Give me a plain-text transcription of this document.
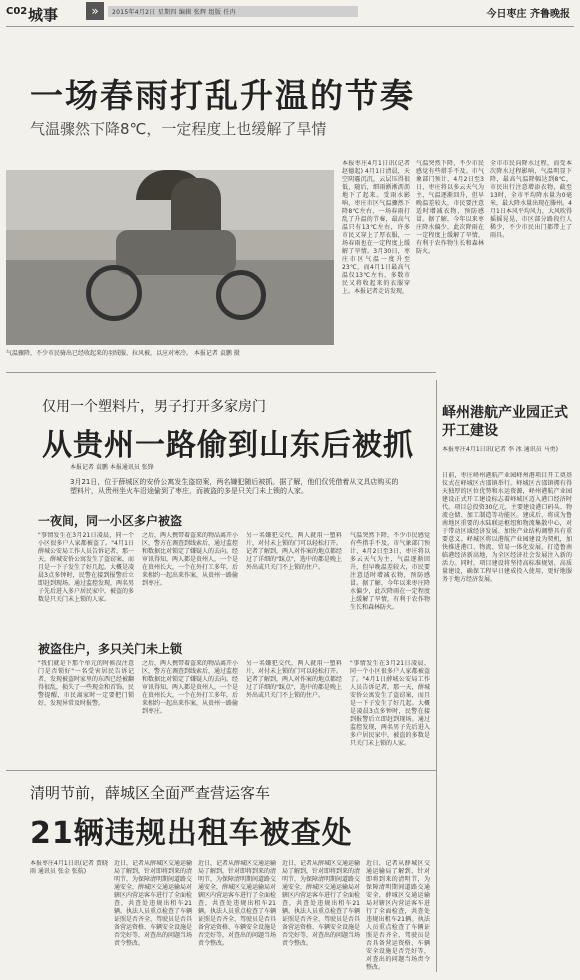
C02 城事	»	2015年4月2日 星期四 编辑 张辉 组版 任冉	今日枣庄 齐鲁晚报
一场春雨打乱升温的节奏
气温骤然下降8℃，一定程度上也缓解了旱情
气温骤降，不少市民骑出已经收起来的羽绒服、拉风被，以应对寒冷。 本报记者 袁鹏 摄
本报枣庄4月1日讯(记者 赵德起) 4月1日清晨，天空阴霾沉沉，云层压得很低，随后，细雨淅淅沥沥地下了起来。受雨水影响，枣庄市区气温骤然下降8℃左右，一场春雨打乱了升温的节奏，最高气温只有13℃左右，许多市民又穿上了厚衣服，一场春雨也在一定程度上缓解了旱情。3月30日，枣庄市区气温一度升至23℃，而4月1日最高气温仅13℃左右，多数市民又将收起来的衣服穿上。本报记者走访发现，
气温突然下降，不少市民感觉有些措手不及。市气象部门预计，4月2日至3日，枣庄将以多云天气为主，气温逐渐回升，但早晚温差较大，市民要注意适时增减衣物，预防感冒。据了解，今年以来枣庄降水偏少，此次降雨在一定程度上缓解了旱情，有利于农作物生长和森林防火。
全市市民向降水过程，而受本次降水过程影响，气温明显下降，最高气温降幅达到8℃，市民出行注意增添衣物，截至13时，全市平均降水量为0毫米，最大降水量出现在滕州。4月1日本风平均风力，大风吹得摇摇晃晃，市区部分路段行人稀少，不少市民出门都带上了雨具。
仅用一个塑料片，男子打开多家房门
从贵州一路偷到山东后被抓
本报记者 袁鹏 本报通讯员 张锋
3月21日，位于薛城区的安侨公寓发生盗窃案，两名嫌犯随后被抓。据了解，他们仅凭借着从文具店购买的塑料片，从贵州坐火车沿途偷到了枣庄，而被盗的多是只关门未上锁的人家。
一夜间，同一小区多户被盗
"事情发生在3月21日凌晨，同一个小区很多户人家都被盗了。"4月1日薛城公安局工作人员告诉记者，那一天，薛城安侨公寓发生了盗窃案，而且是一下子发生了好几起。大概是凌晨3点多钟时，民警在接到报警后立即赶到现场。通过监控发现，两名男子先后进入多户居民家中，被盗的多数是只关门未上锁的人家。
之后，两人携带着盗来的物品离开小区，警方在调查到线索后，通过监控和数据比对锁定了嫌疑人的去向。经审讯得知，两人都是贵州人，一个是在贵州长大，一个在外打工多年，后来相约一起出来作案，从贵州一路偷到枣庄。
另一名嫌犯交代，两人就用一塑料片，对付未上锁的门可以轻松打开。记者了解到，两人对作案的地点都经过了详细的"踩点"，选中的都是晚上外出或只关门不上锁的住户。
气温突然下降，不少市民感觉有些措手不及。市气象部门预计，4月2日至3日，枣庄将以多云天气为主，气温逐渐回升，但早晚温差较大，市民要注意适时增减衣物，预防感冒。据了解，今年以来枣庄降水偏少，此次降雨在一定程度上缓解了旱情，有利于农作物生长和森林防火。
被盗住户，多只关门未上锁
"我们就是下那个单元的时候没注意门是否锁好"一名受害居民告诉记者，发现被盗时家里的东西已经被翻得很乱，损失了一些现金和首饰。民警提醒，市民离家时一定要把门锁好，发现异常及时报警。
之后，两人携带着盗来的物品离开小区，警方在调查到线索后，通过监控和数据比对锁定了嫌疑人的去向。经审讯得知，两人都是贵州人，一个是在贵州长大，一个在外打工多年，后来相约一起出来作案，从贵州一路偷到枣庄。
另一名嫌犯交代，两人就用一塑料片，对付未上锁的门可以轻松打开。记者了解到，两人对作案的地点都经过了详细的"踩点"，选中的都是晚上外出或只关门不上锁的住户。
"事情发生在3月21日凌晨，同一个小区很多户人家都被盗了。"4月1日薛城公安局工作人员告诉记者，那一天，薛城安侨公寓发生了盗窃案，而且是一下子发生了好几起。大概是凌晨3点多钟时，民警在接到报警后立即赶到现场。通过监控发现，两名男子先后进入多户居民家中，被盗的多数是只关门未上锁的人家。
清明节前，薛城区全面严查营运客车
21辆违规出租车被查处
本报枣庄4月1日讯(记者 贾晓雨 通讯员 张金 张航)
近日，记者从薛城区交通运输局了解到，针对即将到来的清明节，为保障清明期间道路交通安全，薛城区交通运输局对辖区内营运客车进行了全面检查，共查处违规出租车21辆。执法人员重点检查了车辆证照是否齐全、驾驶员是否具备营运资格、车辆安全设施是否完好等，对查出的问题当场责令整改。
近日，记者从薛城区交通运输局了解到，针对即将到来的清明节，为保障清明期间道路交通安全，薛城区交通运输局对辖区内营运客车进行了全面检查，共查处违规出租车21辆。执法人员重点检查了车辆证照是否齐全、驾驶员是否具备营运资格、车辆安全设施是否完好等，对查出的问题当场责令整改。
近日，记者从薛城区交通运输局了解到，针对即将到来的清明节，为保障清明期间道路交通安全，薛城区交通运输局对辖区内营运客车进行了全面检查，共查处违规出租车21辆。执法人员重点检查了车辆证照是否齐全、驾驶员是否具备营运资格、车辆安全设施是否完好等，对查出的问题当场责令整改。
近日，记者从薛城区交通运输局了解到，针对即将到来的清明节，为保障清明期间道路交通安全，薛城区交通运输局对辖区内营运客车进行了全面检查，共查处违规出租车21辆。执法人员重点检查了车辆证照是否齐全、驾驶员是否具备营运资格、车辆安全设施是否完好等，对查出的问题当场责令整改。
峄州港航产业园正式开工建设
本报枣庄4月1日讯(记者 李 冰 通讯员 马勇)
日前，枣庄峄州港航产业园峄州港项目开工奠基仪式在峄城区古邵镇举行。峄城区古邵镇拥有得天独厚的区位优势和水运资源，峄州港航产业园建设正式开工建设标志着峄城区迈入港口经济时代。项目总投资30亿元，主要建设港口码头、物流仓储、加工制造等功能区。建成后，将成为鲁南地区重要的水陆联运枢纽和物流集散中心，对于带动区域经济发展、加快产业结构调整具有重要意义。峄城区将以港航产业园建设为契机，加快推进港口、物流、贸易一体化发展，打造鲁南临港经济新高地，为全区经济社会发展注入新的活力。同时，项目建设将坚持高标准规划、高质量建设，确保工程早日建成投入使用，更好地服务于地方经济发展。
